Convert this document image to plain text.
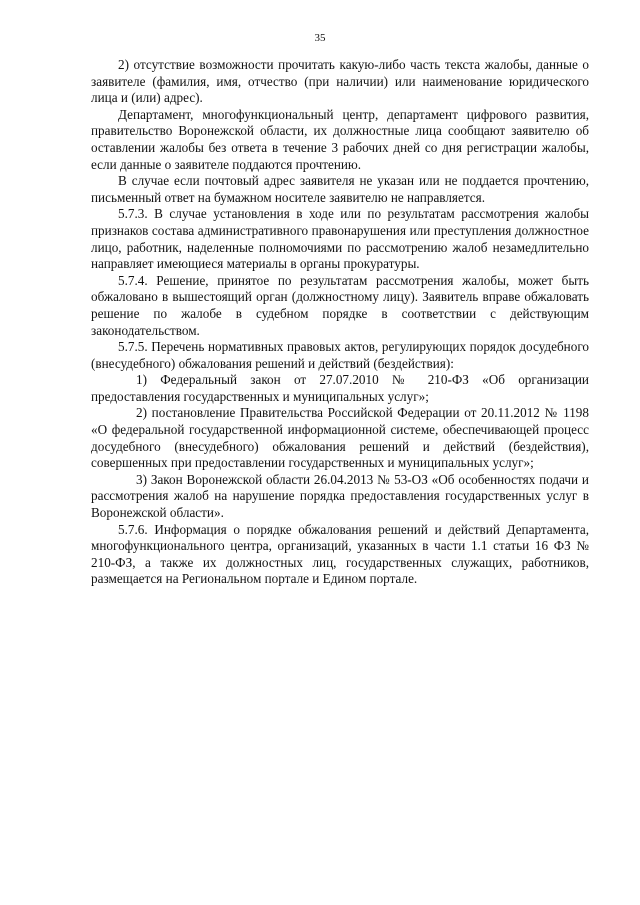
35

2) отсутствие возможности прочитать какую-либо часть текста жалобы, данные о заявителе (фамилия, имя, отчество (при наличии) или наименование юридического лица и (или) адрес).

Департамент, многофункциональный центр, департамент цифрового развития, правительство Воронежской области, их должностные лица сообщают заявителю об оставлении жалобы без ответа в течение 3 рабочих дней со дня регистрации жалобы, если данные о заявителе поддаются прочтению.

В случае если почтовый адрес заявителя не указан или не поддается прочтению, письменный ответ на бумажном носителе заявителю не направляется.

5.7.3. В случае установления в ходе или по результатам рассмотрения жалобы признаков состава административного правонарушения или преступления должностное лицо, работник, наделенные полномочиями по рассмотрению жалоб незамедлительно направляет имеющиеся материалы в органы прокуратуры.

5.7.4. Решение, принятое по результатам рассмотрения жалобы, может быть обжаловано в вышестоящий орган (должностному лицу). Заявитель вправе обжаловать решение по жалобе в судебном порядке в соответствии с действующим законодательством.

5.7.5. Перечень нормативных правовых актов, регулирующих порядок досудебного (внесудебного) обжалования решений и действий (бездействия):

1) Федеральный закон от 27.07.2010 № 210-ФЗ «Об организации предоставления государственных и муниципальных услуг»;

2) постановление Правительства Российской Федерации от 20.11.2012 № 1198 «О федеральной государственной информационной системе, обеспечивающей процесс досудебного (внесудебного) обжалования решений и действий (бездействия), совершенных при предоставлении государственных и муниципальных услуг»;

3) Закон Воронежской области 26.04.2013 № 53-ОЗ «Об особенностях подачи и рассмотрения жалоб на нарушение порядка предоставления государственных услуг в Воронежской области».

5.7.6. Информация о порядке обжалования решений и действий Департамента, многофункционального центра, организаций, указанных в части 1.1 статьи 16 ФЗ № 210-ФЗ, а также их должностных лиц, государственных служащих, работников, размещается на Региональном портале и Едином портале.
